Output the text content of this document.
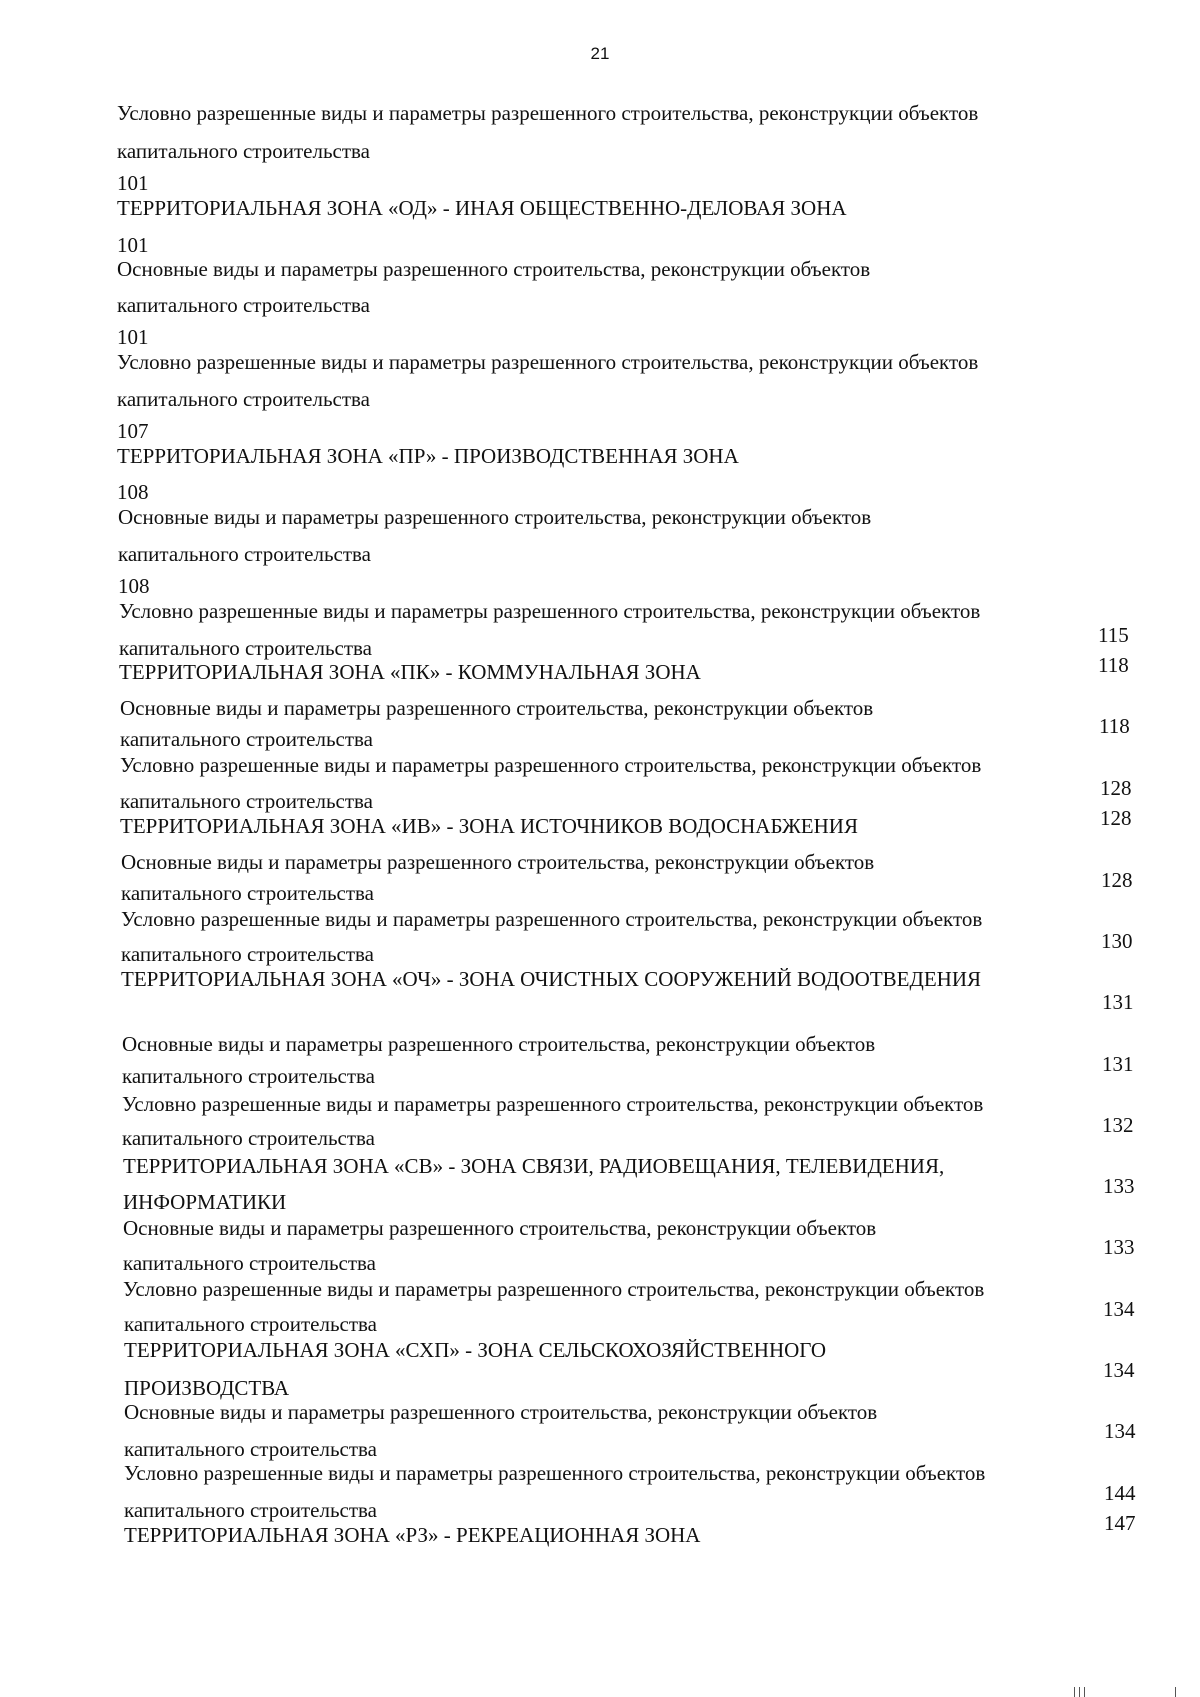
21
Условно разрешенные виды и параметры разрешенного строительства, реконструкции объектов
капитального строительства
101
ТЕРРИТОРИАЛЬНАЯ ЗОНА «ОД» - ИНАЯ ОБЩЕСТВЕННО-ДЕЛОВАЯ ЗОНА
101
Основные виды и параметры разрешенного строительства, реконструкции объектов
капитального строительства
101
Условно разрешенные виды и параметры разрешенного строительства, реконструкции объектов
капитального строительства
107
ТЕРРИТОРИАЛЬНАЯ ЗОНА «ПР» - ПРОИЗВОДСТВЕННАЯ ЗОНА
108
Основные виды и параметры разрешенного строительства, реконструкции объектов
капитального строительства
108
Условно разрешенные виды и параметры разрешенного строительства, реконструкции объектов
капитального строительства
ТЕРРИТОРИАЛЬНАЯ ЗОНА «ПК» - КОММУНАЛЬНАЯ ЗОНА
Основные виды и параметры разрешенного строительства, реконструкции объектов
капитального строительства
Условно разрешенные виды и параметры разрешенного строительства, реконструкции объектов
капитального строительства
ТЕРРИТОРИАЛЬНАЯ ЗОНА «ИВ» - ЗОНА ИСТОЧНИКОВ ВОДОСНАБЖЕНИЯ
Основные виды и параметры разрешенного строительства, реконструкции объектов
капитального строительства
Условно разрешенные виды и параметры разрешенного строительства, реконструкции объектов
капитального строительства
ТЕРРИТОРИАЛЬНАЯ ЗОНА «ОЧ» - ЗОНА ОЧИСТНЫХ СООРУЖЕНИЙ ВОДООТВЕДЕНИЯ
Основные виды и параметры разрешенного строительства, реконструкции объектов
капитального строительства
Условно разрешенные виды и параметры разрешенного строительства, реконструкции объектов
капитального строительства
ТЕРРИТОРИАЛЬНАЯ ЗОНА «СВ» - ЗОНА СВЯЗИ, РАДИОВЕЩАНИЯ, ТЕЛЕВИДЕНИЯ,
ИНФОРМАТИКИ
Основные виды и параметры разрешенного строительства, реконструкции объектов
капитального строительства
Условно разрешенные виды и параметры разрешенного строительства, реконструкции объектов
капитального строительства
ТЕРРИТОРИАЛЬНАЯ ЗОНА «СХП» - ЗОНА СЕЛЬСКОХОЗЯЙСТВЕННОГО
ПРОИЗВОДСТВА
Основные виды и параметры разрешенного строительства, реконструкции объектов
капитального строительства
Условно разрешенные виды и параметры разрешенного строительства, реконструкции объектов
капитального строительства
ТЕРРИТОРИАЛЬНАЯ ЗОНА «РЗ» - РЕКРЕАЦИОННАЯ ЗОНА
115
118
118
128
128
128
130
131
131
132
133
133
134
134
134
144
147
